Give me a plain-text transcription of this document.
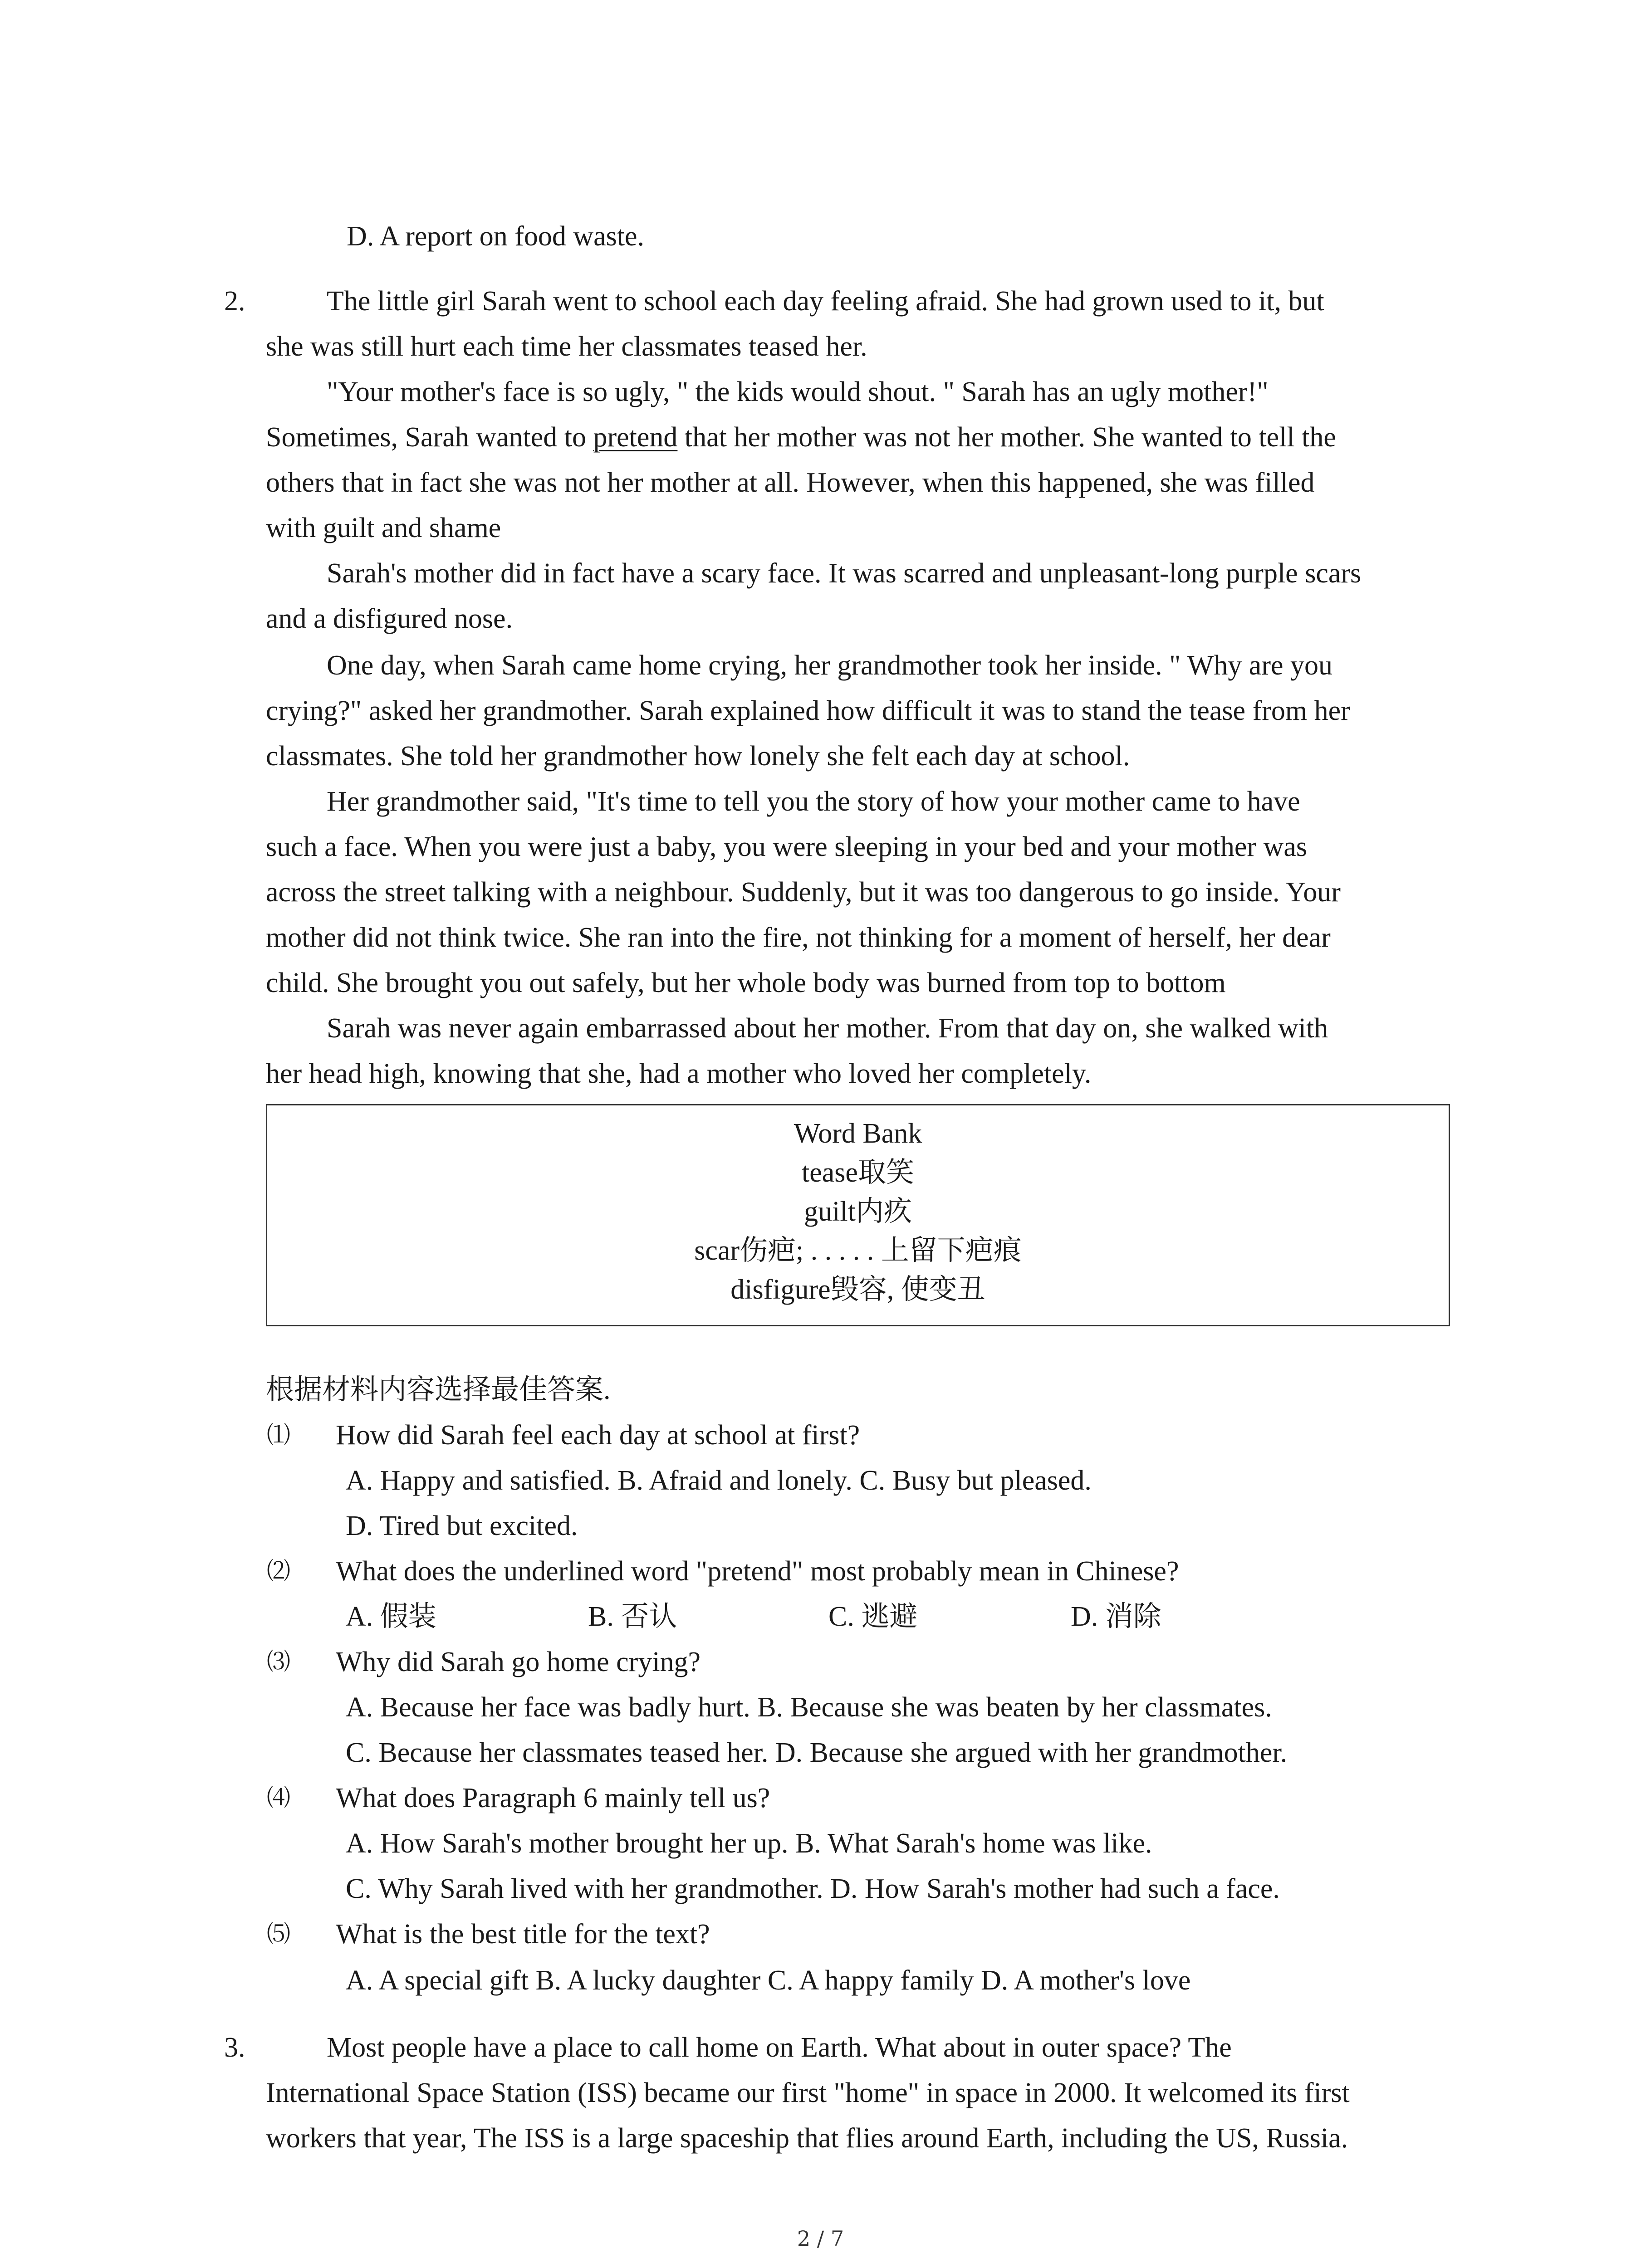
D. A report on food waste.
2.	The little girl Sarah went to school each day feeling afraid. She had grown used to it, but
she was still hurt each time her classmates teased her.
"Your mother's face is so ugly, " the kids would shout. " Sarah has an ugly mother!"
Sometimes, Sarah wanted to pretend that her mother was not her mother. She wanted to tell the
others that in fact she was not her mother at all. However, when this happened, she was filled
with guilt and shame
Sarah's mother did in fact have a scary face. It was scarred and unpleasant-long purple scars
and a disfigured nose.
One day, when Sarah came home crying, her grandmother took her inside. " Why are you
crying?" asked her grandmother. Sarah explained how difficult it was to stand the tease from her
classmates. She told her grandmother how lonely she felt each day at school.
Her grandmother said, "It's time to tell you the story of how your mother came to have
such a face. When you were just a baby, you were sleeping in your bed and your mother was
across the street talking with a neighbour. Suddenly, but it was too dangerous to go inside. Your
mother did not think twice. She ran into the fire, not thinking for a moment of herself, her dear
child. She brought you out safely, but her whole body was burned from top to bottom
Sarah was never again embarrassed about her mother. From that day on, she walked with
her head high, knowing that she, had a mother who loved her completely.
Word Bank
tease取笑
guilt内疚
scar伤疤; . . . . . 上留下疤痕
disfigure毁容, 使变丑
根据材料内容选择最佳答案.
⑴ How did Sarah feel each day at school at first?
A. Happy and satisfied. B. Afraid and lonely. C. Busy but pleased.
D. Tired but excited.
⑵ What does the underlined word "pretend" most probably mean in Chinese?
A. 假装	B. 否认	C. 逃避	D. 消除
⑶ Why did Sarah go home crying?
A. Because her face was badly hurt. B. Because she was beaten by her classmates.
C. Because her classmates teased her. D. Because she argued with her grandmother.
⑷ What does Paragraph 6 mainly tell us?
A. How Sarah's mother brought her up. B. What Sarah's home was like.
C. Why Sarah lived with her grandmother. D. How Sarah's mother had such a face.
⑸ What is the best title for the text?
A. A special gift B. A lucky daughter C. A happy family D. A mother's love
3.	Most people have a place to call home on Earth. What about in outer space? The
International Space Station (ISS) became our first "home" in space in 2000. It welcomed its first
workers that year, The ISS is a large spaceship that flies around Earth, including the US, Russia.
2 / 7
